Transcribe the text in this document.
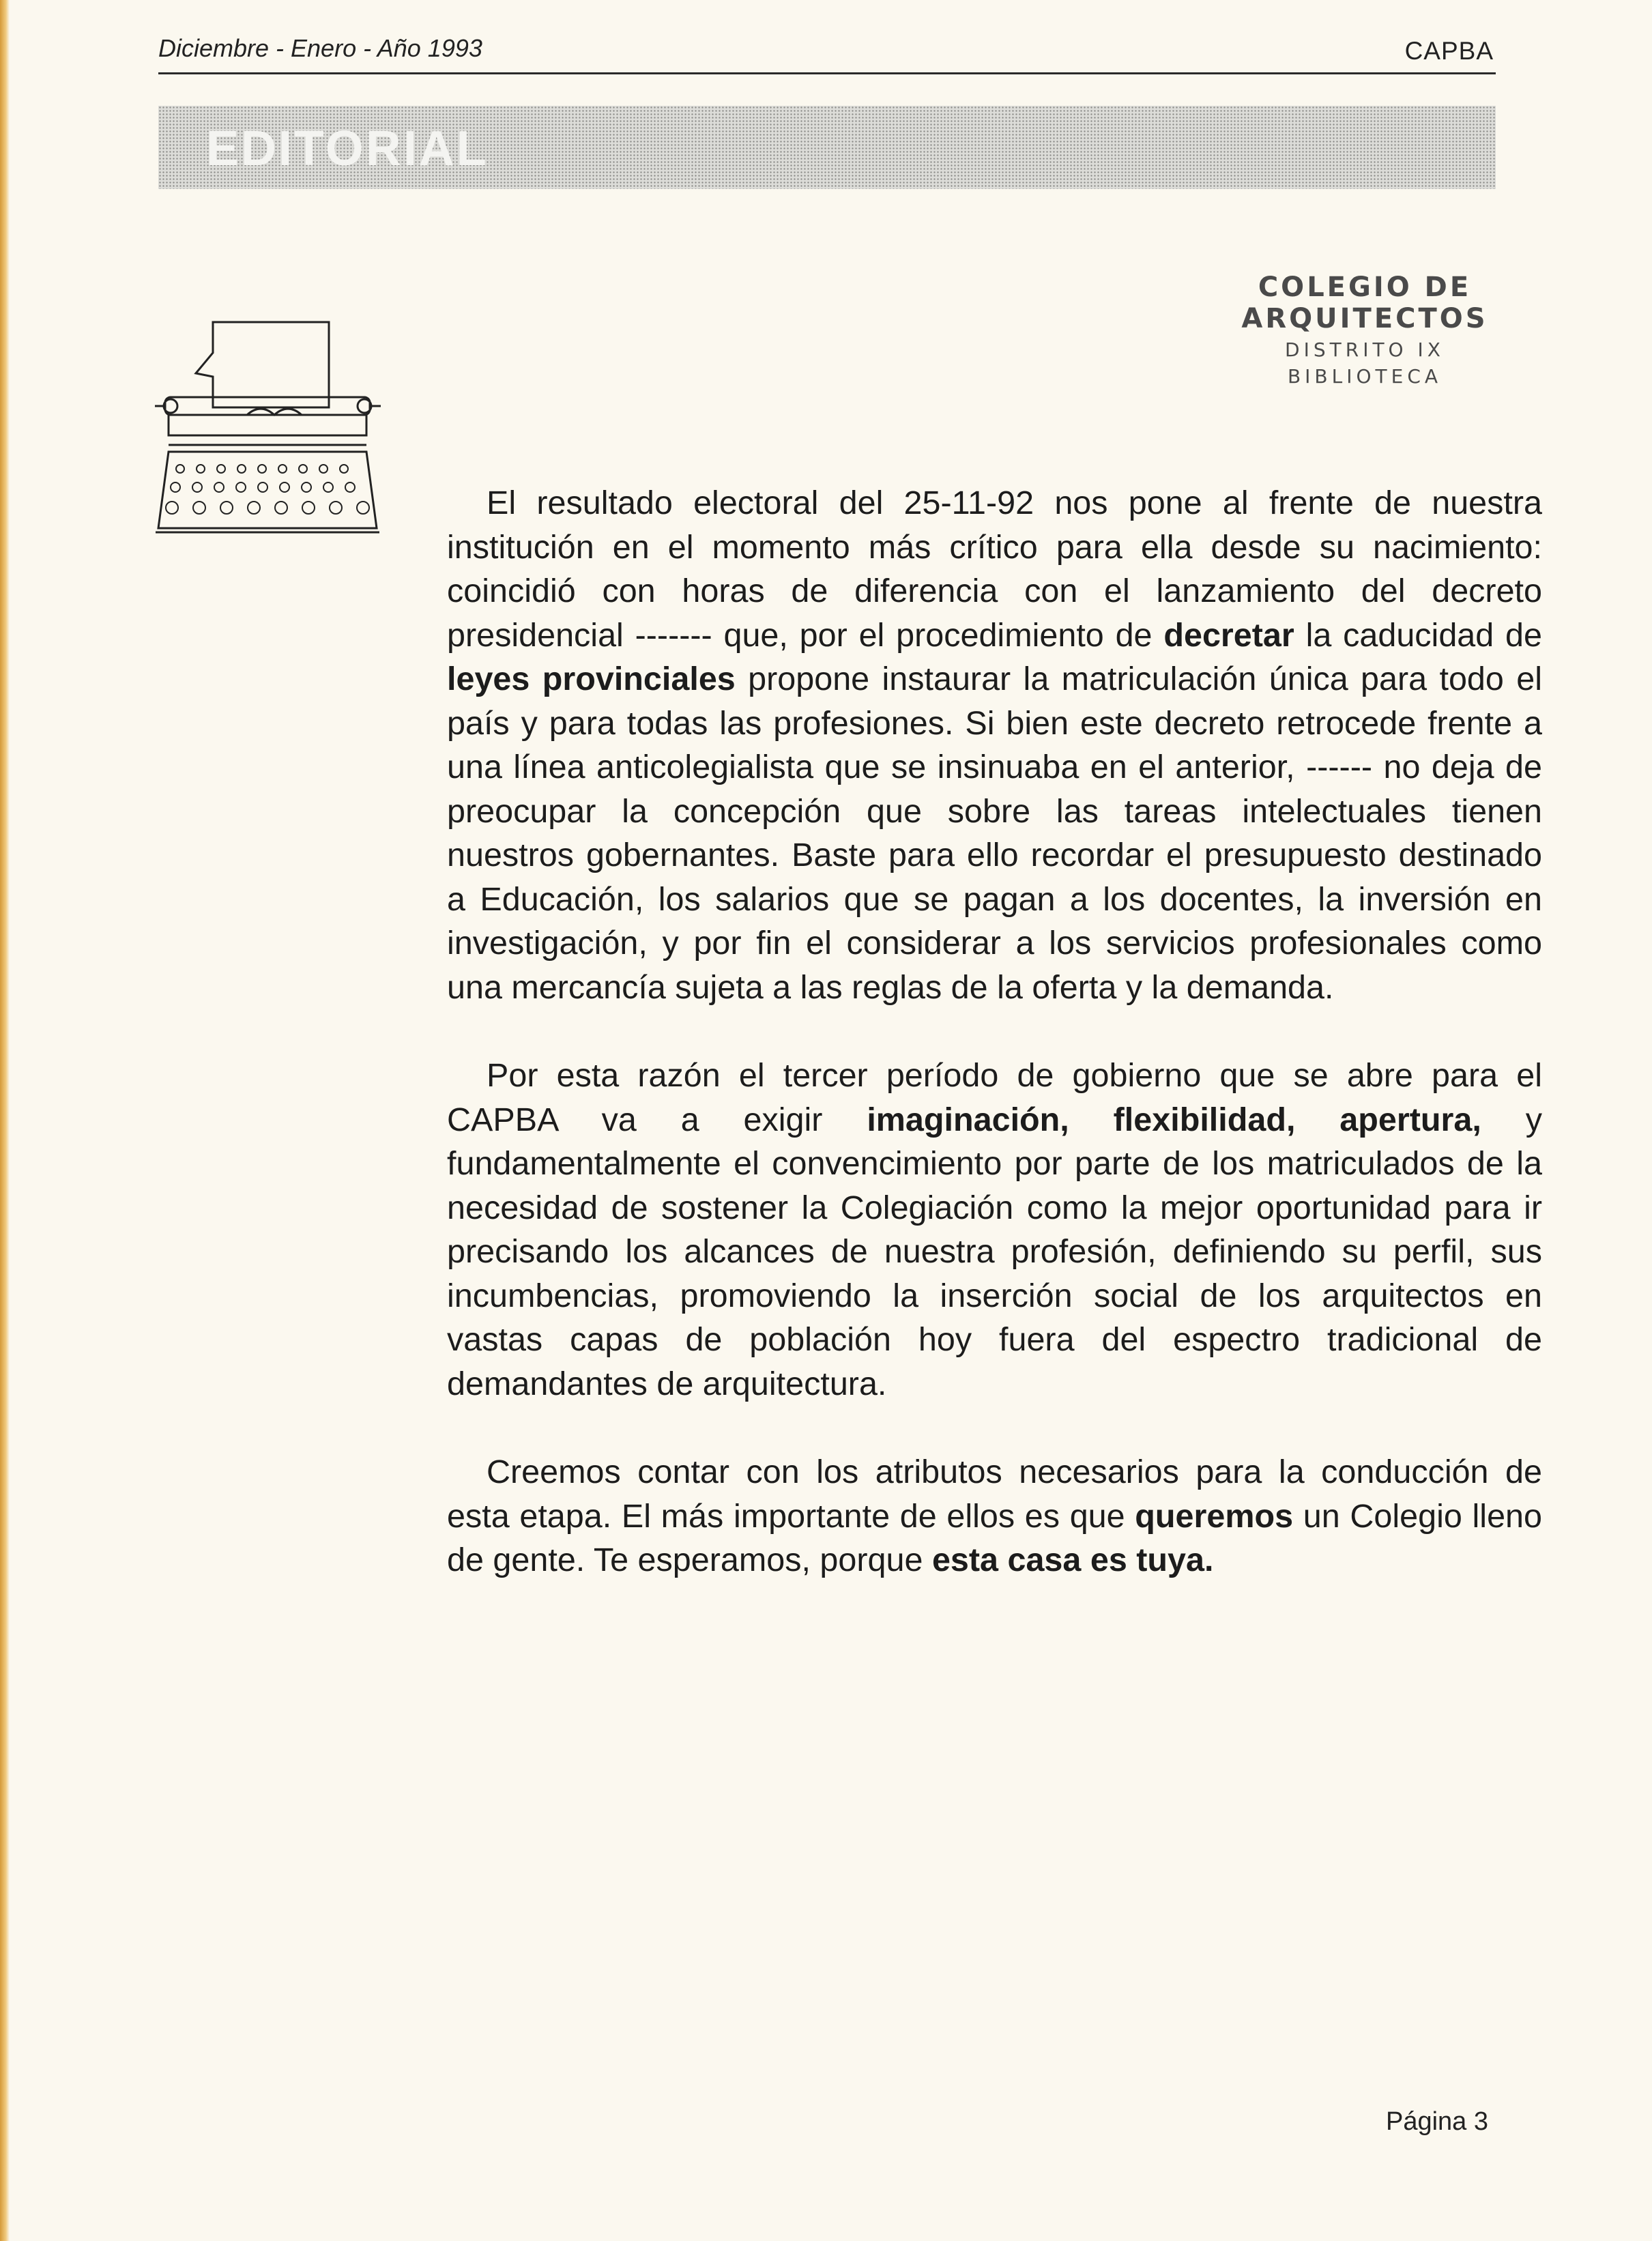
Diciembre - Enero - Año 1993	CAPBA
EDITORIAL
COLEGIO DE ARQUITECTOS
DISTRITO IX
BIBLIOTECA

El resultado electoral del 25-11-92 nos pone al frente de nuestra institución en el momento más crítico para ella desde su nacimiento: coincidió con horas de diferencia con el lanzamiento del decreto presidencial ------- que, por el procedimiento de decretar la caducidad de leyes provinciales propone instaurar la matriculación única para todo el país y para todas las profesiones. Si bien este decreto retrocede frente a una línea anticolegialista que se insinuaba en el anterior, ------ no deja de preocupar la concepción que sobre las tareas intelectuales tienen nuestros gobernantes. Baste para ello recordar el presupuesto destinado a Educación, los salarios que se pagan a los docentes, la inversión en investigación, y por fin el considerar a los servicios profesionales como una mercancía sujeta a las reglas de la oferta y la demanda.

Por esta razón el tercer período de gobierno que se abre para el CAPBA va a exigir imaginación, flexibilidad, apertura, y fundamentalmente el convencimiento por parte de los matriculados de la necesidad de sostener la Colegiación como la mejor oportunidad para ir precisando los alcances de nuestra profesión, definiendo su perfil, sus incumbencias, promoviendo la inserción social de los arquitectos en vastas capas de población hoy fuera del espectro tradicional de demandantes de arquitectura.

Creemos contar con los atributos necesarios para la conducción de esta etapa. El más importante de ellos es que queremos un Colegio lleno de gente. Te esperamos, porque esta casa es tuya.

Página 3
